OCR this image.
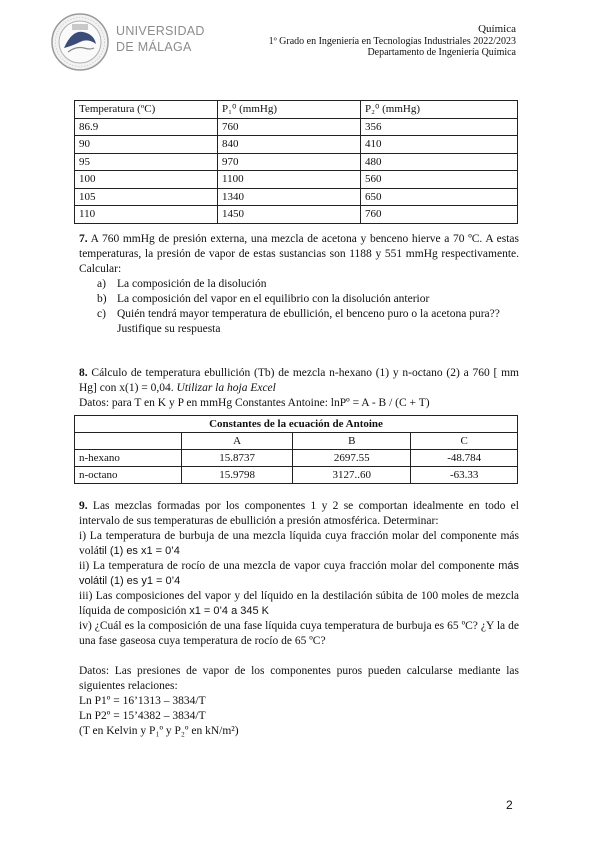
UNIVERSIDAD
DE MÁLAGA
Química
1º Grado en Ingeniería en Tecnologías Industriales 2022/2023
Departamento de Ingeniería Química
Temperatura (ºC)	P₁⁰ (mmHg)	P₂⁰ (mmHg)
86.9	760	356
90	840	410
95	970	480
100	1100	560
105	1340	650
110	1450	760

7. A 760 mmHg de presión externa, una mezcla de acetona y benceno hierve a 70 ºC. A estas temperaturas, la presión de vapor de estas sustancias son 1188 y 551 mmHg respectivamente. Calcular:

a) La composición de la disolución
b) La composición del vapor en el equilibrio con la disolución anterior
c) Quién tendrá mayor temperatura de ebullición, el benceno puro o la acetona pura?? Justifique su respuesta

8. Cálculo de temperatura ebullición (Tb) de mezcla n-hexano (1) y n-octano (2) a 760 [ mm Hg] con x(1) = 0,04. Utilizar la hoja Excel

Datos: para T en K y P en mmHg Constantes Antoine: lnPº = A - B / (C + T)

Constantes de la ecuación de Antoine			
	A	B	C
n-hexano	15.8737	2697.55	-48.784
n-octano	15.9798	3127..60	-63.33

9. Las mezclas formadas por los componentes 1 y 2 se comportan idealmente en todo el intervalo de sus temperaturas de ebullición a presión atmosférica. Determinar:

i) La temperatura de burbuja de una mezcla líquida cuya fracción molar del componente más volátil (1) es x1 = 0’4

ii) La temperatura de rocío de una mezcla de vapor cuya fracción molar del componente más volátil (1) es y1 = 0’4

iii) Las composiciones del vapor y del líquido en la destilación súbita de 100 moles de mezcla líquida de composición x1 = 0’4 a 345 K

iv) ¿Cuál es la composición de una fase líquida cuya temperatura de burbuja es 65 ºC? ¿Y la de una fase gaseosa cuya temperatura de rocío de 65 ºC?

Datos: Las presiones de vapor de los componentes puros pueden calcularse mediante las siguientes relaciones:

Ln P1º = 16’1313 – 3834/T

Ln P2º = 15’4382 – 3834/T

(T en Kelvin y P₁º y P₂º en kN/m²)

2
